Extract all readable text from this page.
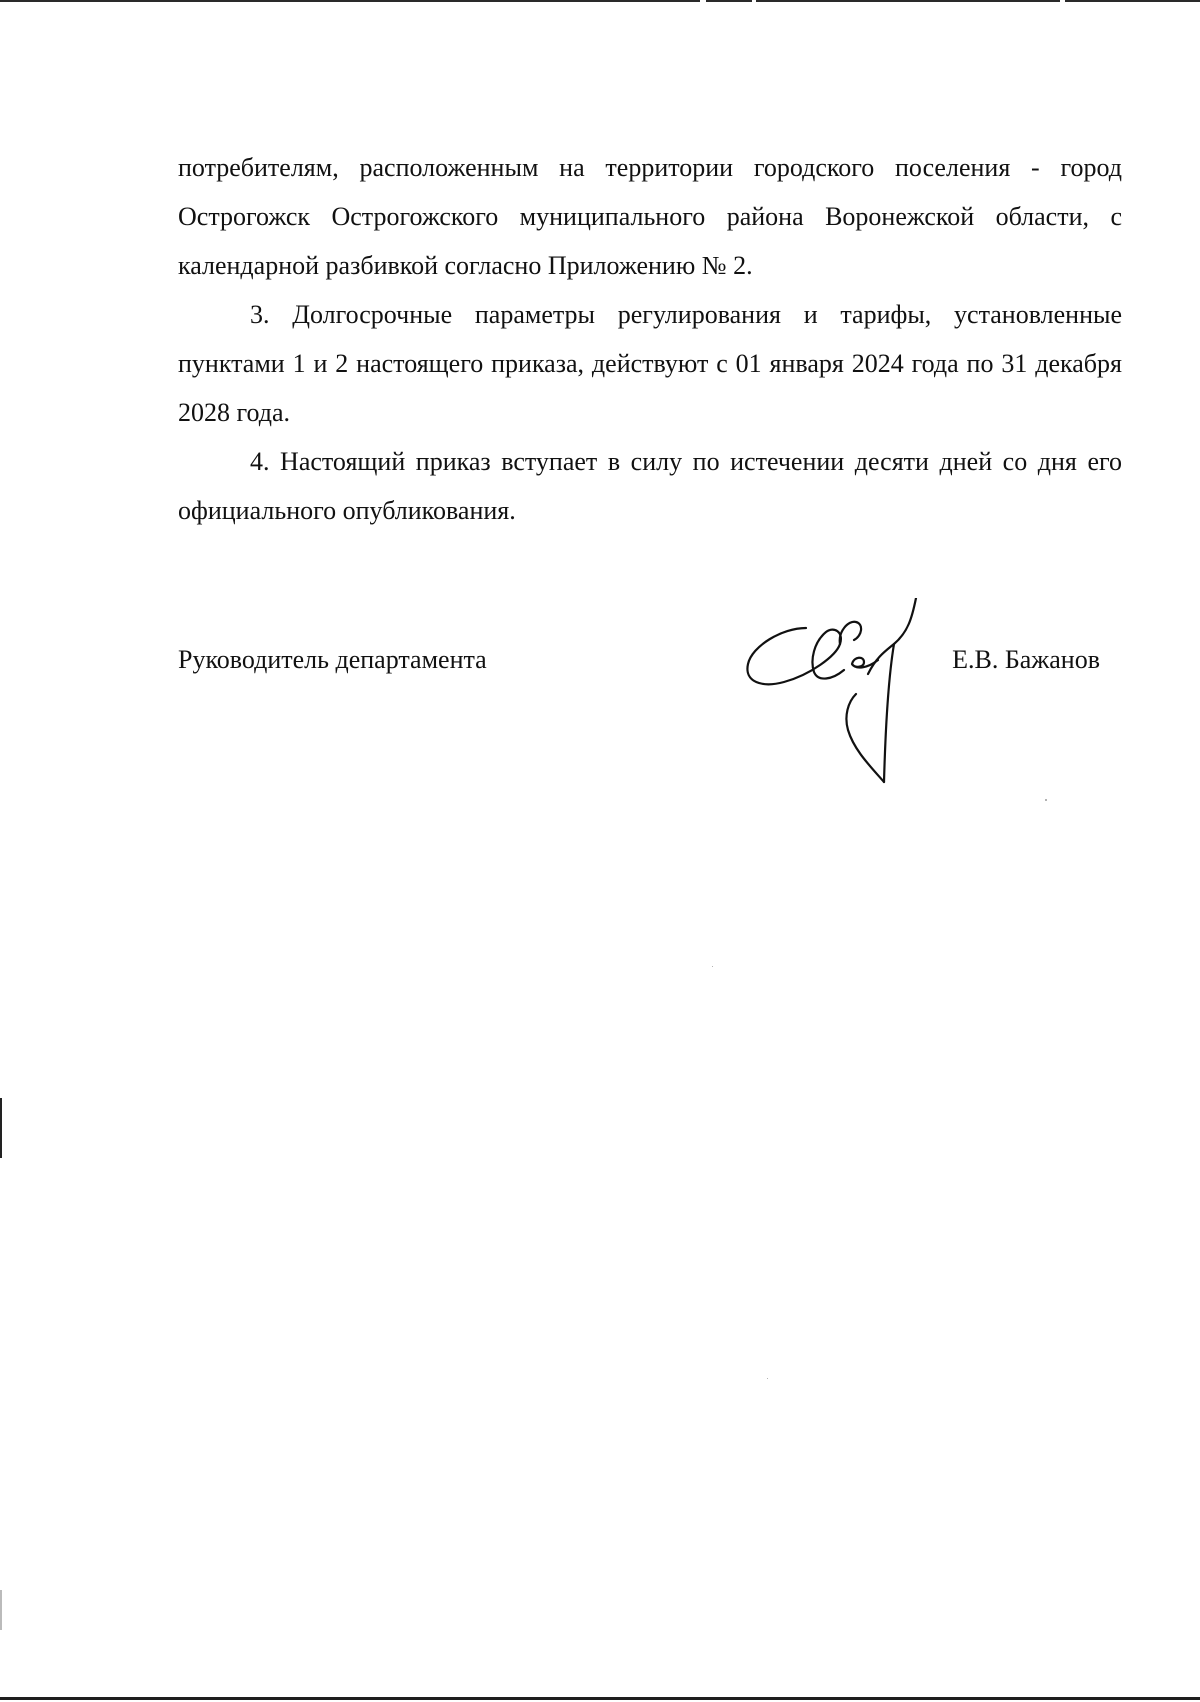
потребителям, расположенным на территории городского поселения - город Острогожск Острогожского муниципального района Воронежской области, с календарной разбивкой согласно Приложению № 2.

3. Долгосрочные параметры регулирования и тарифы, установленные пунктами 1 и 2 настоящего приказа, действуют с 01 января 2024 года по 31 декабря 2028 года.

4. Настоящий приказ вступает в силу по истечении десяти дней со дня его официального опубликования.

Руководитель департамента	Е.В. Бажанов
